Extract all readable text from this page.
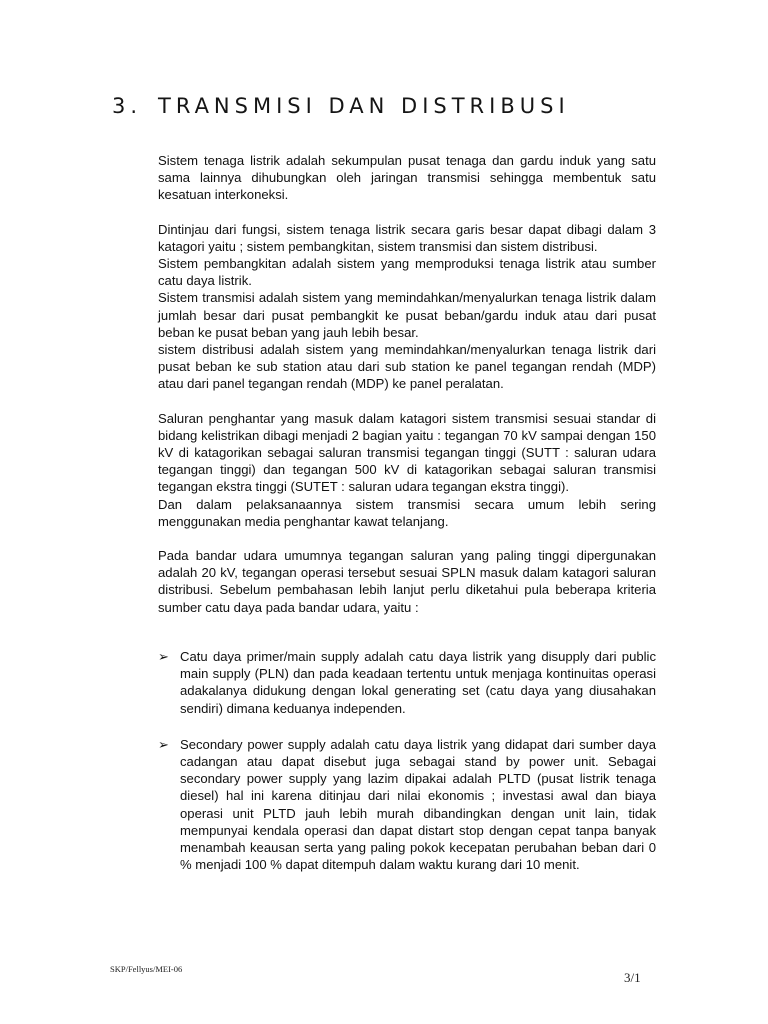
3. TRANSMISI DAN DISTRIBUSI

Sistem tenaga listrik adalah sekumpulan pusat tenaga dan gardu induk yang satu sama lainnya dihubungkan oleh jaringan transmisi sehingga membentuk satu kesatuan interkoneksi.

Dintinjau dari fungsi, sistem tenaga listrik secara garis besar dapat dibagi dalam 3 katagori yaitu ; sistem pembangkitan, sistem transmisi dan sistem distribusi.

Sistem pembangkitan adalah sistem yang memproduksi tenaga listrik atau sumber catu daya listrik.

Sistem transmisi adalah sistem yang memindahkan/menyalurkan tenaga listrik dalam jumlah besar dari pusat pembangkit ke pusat beban/gardu induk atau dari pusat beban ke pusat beban yang jauh lebih besar.

sistem distribusi adalah sistem yang memindahkan/menyalurkan tenaga listrik dari pusat beban ke sub station atau dari sub station ke panel tegangan rendah (MDP) atau dari panel tegangan rendah (MDP) ke panel peralatan.

Saluran penghantar yang masuk dalam katagori sistem transmisi sesuai standar di bidang kelistrikan dibagi menjadi 2 bagian yaitu : tegangan 70 kV sampai dengan 150 kV di katagorikan sebagai saluran transmisi tegangan tinggi (SUTT : saluran udara tegangan tinggi) dan tegangan 500 kV di katagorikan sebagai saluran transmisi tegangan ekstra tinggi (SUTET : saluran udara tegangan ekstra tinggi).

Dan dalam pelaksanaannya sistem transmisi secara umum lebih sering menggunakan media penghantar kawat telanjang.

Pada bandar udara umumnya tegangan saluran yang paling tinggi dipergunakan adalah 20 kV, tegangan operasi tersebut sesuai SPLN masuk dalam katagori saluran distribusi. Sebelum pembahasan lebih lanjut perlu diketahui pula beberapa kriteria sumber catu daya pada bandar udara, yaitu :

➢ Catu daya primer/main supply adalah catu daya listrik yang disupply dari public main supply (PLN) dan pada keadaan tertentu untuk menjaga kontinuitas operasi adakalanya didukung dengan lokal generating set (catu daya yang diusahakan sendiri) dimana keduanya independen.
➢ Secondary power supply adalah catu daya listrik yang didapat dari sumber daya cadangan atau dapat disebut juga sebagai stand by power unit. Sebagai secondary power supply yang lazim dipakai adalah PLTD (pusat listrik tenaga diesel) hal ini karena ditinjau dari nilai ekonomis ; investasi awal dan biaya operasi unit PLTD jauh lebih murah dibandingkan dengan unit lain, tidak mempunyai kendala operasi dan dapat distart stop dengan cepat tanpa banyak menambah keausan serta yang paling pokok kecepatan perubahan beban dari 0 % menjadi 100 % dapat ditempuh dalam waktu kurang dari 10 menit.
SKP/Fellyus/MEI-06
3/1
